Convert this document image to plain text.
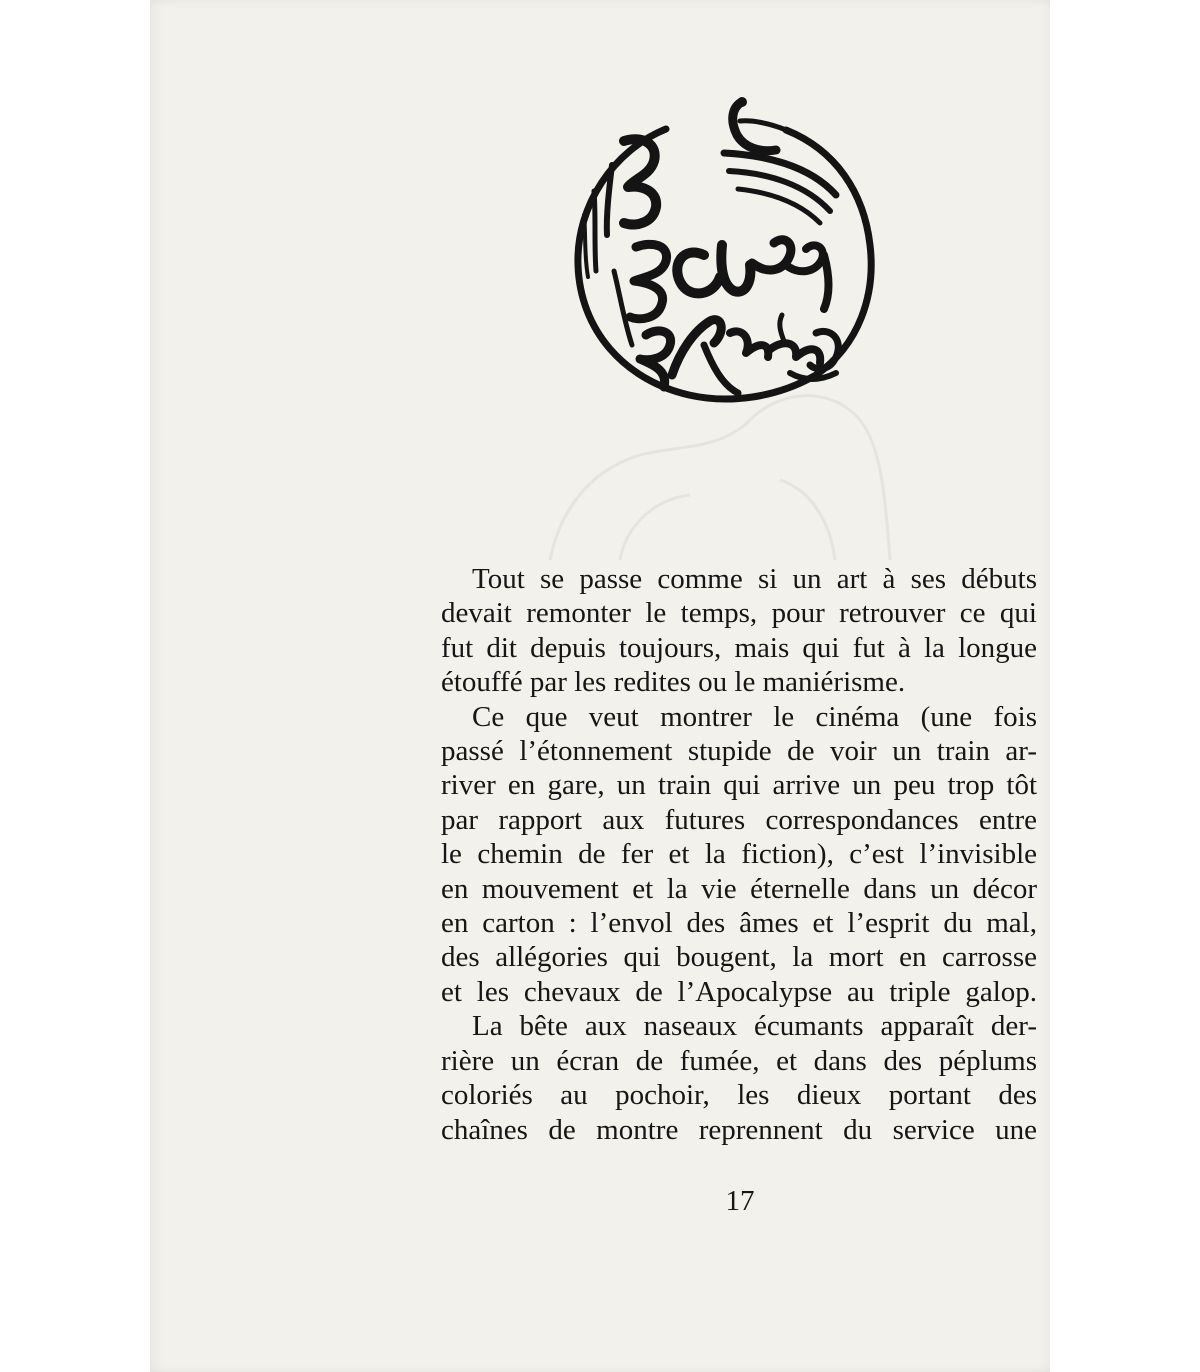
Tout se passe comme si un art à ses débuts
devait remonter le temps, pour retrouver ce qui
fut dit depuis toujours, mais qui fut à la longue
étouffé par les redites ou le maniérisme.

Ce que veut montrer le cinéma (une fois
passé l’étonnement stupide de voir un train ar-
river en gare, un train qui arrive un peu trop tôt
par rapport aux futures correspondances entre
le chemin de fer et la fiction), c’est l’invisible
en mouvement et la vie éternelle dans un décor
en carton : l’envol des âmes et l’esprit du mal,
des allégories qui bougent, la mort en carrosse
et les chevaux de l’Apocalypse au triple galop.

La bête aux naseaux écumants apparaît der-
rière un écran de fumée, et dans des péplums
coloriés au pochoir, les dieux portant des
chaînes de montre reprennent du service une

17
